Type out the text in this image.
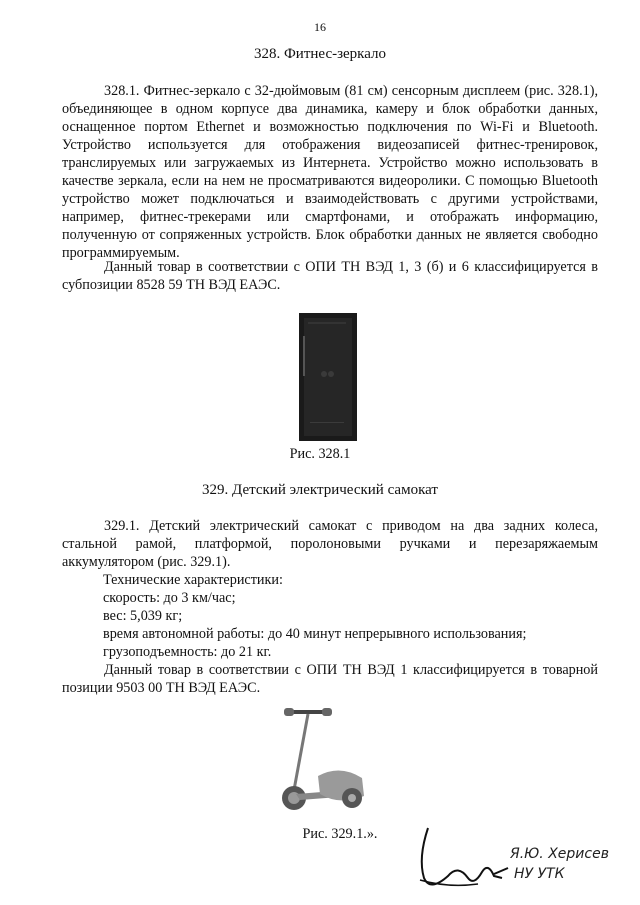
16
328. Фитнес-зеркало

328.1. Фитнес-зеркало с 32-дюймовым (81 см) сенсорным дисплеем (рис. 328.1), объединяющее в одном корпусе два динамика, камеру и блок обработки данных, оснащенное портом Ethernet и возможностью подключения по Wi-Fi и Bluetooth. Устройство используется для отображения видеозаписей фитнес-тренировок, транслируемых или загружаемых из Интернета. Устройство можно использовать в качестве зеркала, если на нем не просматриваются видеоролики. С помощью Bluetooth устройство может подключаться и взаимодействовать с другими устройствами, например, фитнес-трекерами или смартфонами, и отображать информацию, полученную от сопряженных устройств. Блок обработки данных не является свободно программируемым.

Данный товар в соответствии с ОПИ ТН ВЭД 1, 3 (б) и 6 классифицируется в субпозиции 8528 59 ТН ВЭД ЕАЭС.

Рис. 328.1
329. Детский электрический самокат

329.1. Детский электрический самокат с приводом на два задних колеса, стальной рамой, платформой, поролоновыми ручками и перезаряжаемым аккумулятором (рис. 329.1).

Технические характеристики:
скорость: до 3 км/час;
вес: 5,039 кг;
время автономной работы: до 40 минут непрерывного использования;
грузоподъемность: до 21 кг.

Данный товар в соответствии с ОПИ ТН ВЭД 1 классифицируется в товарной позиции 9503 00 ТН ВЭД ЕАЭС.

Рис. 329.1.».
Я.Ю. Херисев
НУ УТК
